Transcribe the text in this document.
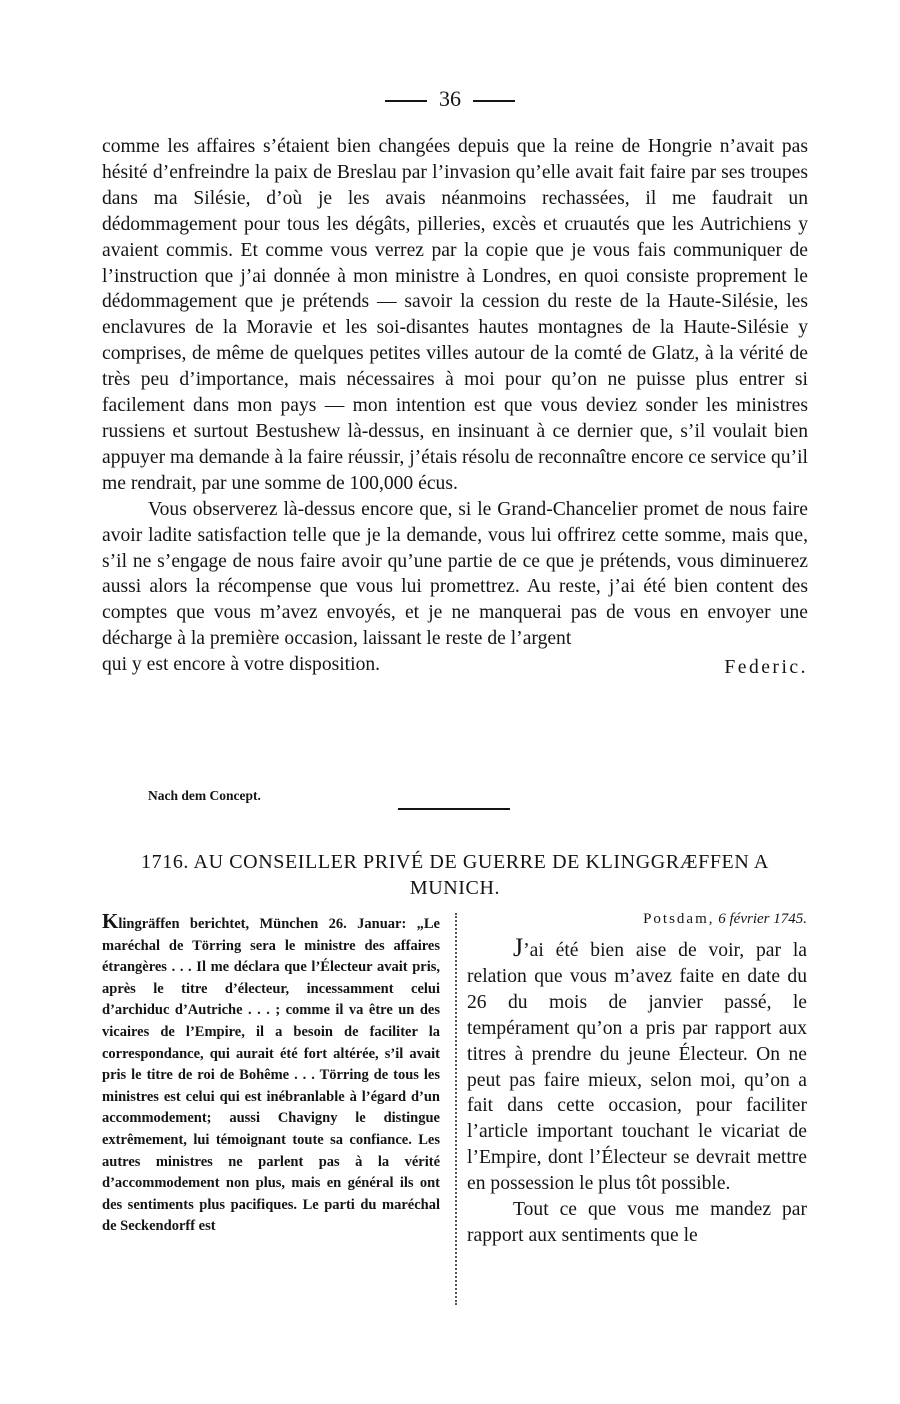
36

comme les affaires s’étaient bien changées depuis que la reine de Hongrie n’avait pas hésité d’enfreindre la paix de Breslau par l’invasion qu’elle avait fait faire par ses troupes dans ma Silésie, d’où je les avais néanmoins rechassées, il me faudrait un dédommagement pour tous les dégâts, pilleries, excès et cruautés que les Autrichiens y avaient commis. Et comme vous verrez par la copie que je vous fais communiquer de l’instruction que j’ai donnée à mon ministre à Londres, en quoi consiste proprement le dédommagement que je prétends — savoir la cession du reste de la Haute-Silésie, les enclavures de la Moravie et les soi-disantes hautes montagnes de la Haute-Silésie y comprises, de même de quelques petites villes autour de la comté de Glatz, à la vérité de très peu d’importance, mais nécessaires à moi pour qu’on ne puisse plus entrer si facilement dans mon pays — mon intention est que vous deviez sonder les ministres russiens et surtout Bestushew là-dessus, en insinuant à ce dernier que, s’il voulait bien appuyer ma demande à la faire réussir, j’étais résolu de reconnaître encore ce service qu’il me rendrait, par une somme de 100,000 écus.

Vous observerez là-dessus encore que, si le Grand-Chancelier promet de nous faire avoir ladite satisfaction telle que je la demande, vous lui offrirez cette somme, mais que, s’il ne s’engage de nous faire avoir qu’une partie de ce que je prétends, vous diminuerez aussi alors la récompense que vous lui promettrez. Au reste, j’ai été bien content des comptes que vous m’avez envoyés, et je ne manquerai pas de vous en envoyer une décharge à la première occasion, laissant le reste de l’argent

qui y est encore à votre disposition.	Federic.
Nach dem Concept.
1716. AU CONSEILLER PRIVÉ DE GUERRE DE KLINGGRÆFFEN A MUNICH.

Klingräffen berichtet, München 26. Januar: „Le maréchal de Törring sera le ministre des affaires étrangères . . . Il me déclara que l’Électeur avait pris, après le titre d’électeur, incessamment celui d’archiduc d’Autriche . . . ; comme il va être un des vicaires de l’Empire, il a besoin de faciliter la correspondance, qui aurait été fort altérée, s’il avait pris le titre de roi de Bohême . . . Törring de tous les ministres est celui qui est inébranlable à l’égard d’un accommodement; aussi Chavigny le distingue extrêmement, lui témoignant toute sa confiance. Les autres ministres ne parlent pas à la vérité d’accommodement non plus, mais en général ils ont des sentiments plus pacifiques. Le parti du maréchal de Seckendorff est

Potsdam, 6 février 1745.

J’ai été bien aise de voir, par la relation que vous m’avez faite en date du 26 du mois de janvier passé, le tempérament qu’on a pris par rapport aux titres à prendre du jeune Électeur. On ne peut pas faire mieux, selon moi, qu’on a fait dans cette occasion, pour faciliter l’article important touchant le vicariat de l’Empire, dont l’Électeur se devrait mettre en possession le plus tôt possible.

Tout ce que vous me mandez par rapport aux sentiments que le
